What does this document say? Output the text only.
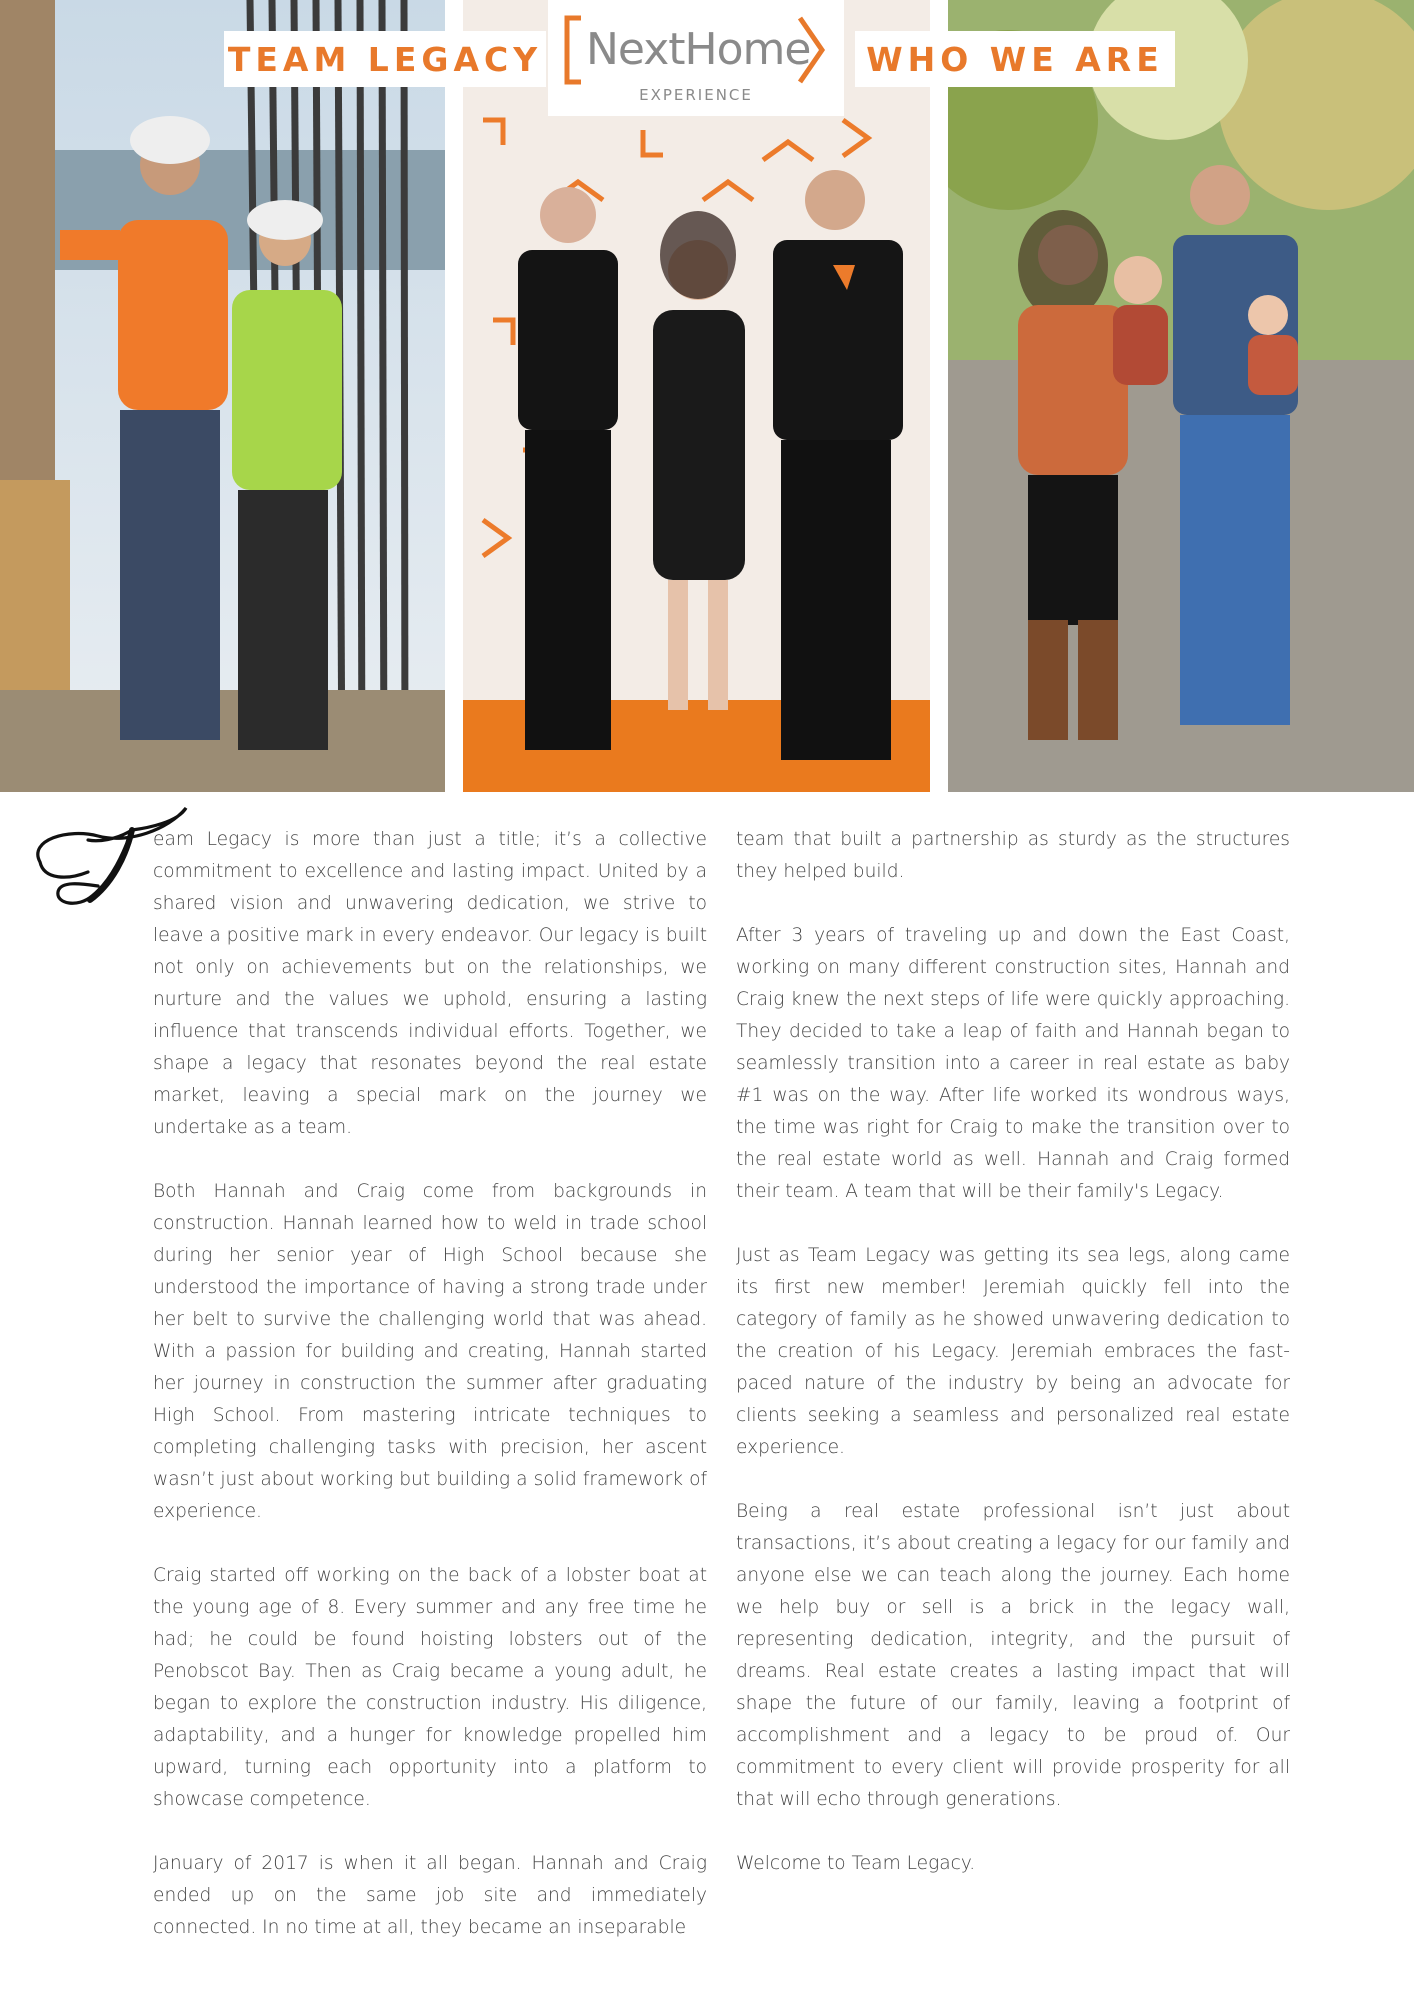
TEAM LEGACY NextHome
EXPERIENCE
WHO WE ARE

eam Legacy is more than just a title; it’s a collective commitment to excellence and lasting impact. United by a shared vision and unwavering dedication, we strive to leave a positive mark in every endeavor. Our legacy is built not only on achievements but on the relationships, we nurture and the values we uphold, ensuring a lasting influence that transcends individual efforts. Together, we shape a legacy that resonates beyond the real estate market, leaving a special mark on the journey we undertake as a team.

Both Hannah and Craig come from backgrounds in construction. Hannah learned how to weld in trade school during her senior year of High School because she understood the importance of having a strong trade under her belt to survive the challenging world that was ahead. With a passion for building and creating, Hannah started her journey in construction the summer after graduating High School. From mastering intricate techniques to completing challenging tasks with precision, her ascent wasn’t just about working but building a solid framework of experience.

Craig started off working on the back of a lobster boat at the young age of 8. Every summer and any free time he had; he could be found hoisting lobsters out of the Penobscot Bay. Then as Craig became a young adult, he began to explore the construction industry. His diligence, adaptability, and a hunger for knowledge propelled him upward, turning each opportunity into a platform to showcase competence.

January of 2017 is when it all began. Hannah and Craig ended up on the same job site and immediately connected. In no time at all, they became an inseparable

team that built a partnership as sturdy as the structures they helped build.

After 3 years of traveling up and down the East Coast, working on many different construction sites, Hannah and Craig knew the next steps of life were quickly approaching. They decided to take a leap of faith and Hannah began to seamlessly transition into a career in real estate as baby #1 was on the way. After life worked its wondrous ways, the time was right for Craig to make the transition over to the real estate world as well. Hannah and Craig formed their team. A team that will be their family's Legacy.

Just as Team Legacy was getting its sea legs, along came its first new member! Jeremiah quickly fell into the category of family as he showed unwavering dedication to the creation of his Legacy. Jeremiah embraces the fast-paced nature of the industry by being an advocate for clients seeking a seamless and personalized real estate experience.

Being a real estate professional isn’t just about transactions, it’s about creating a legacy for our family and anyone else we can teach along the journey. Each home we help buy or sell is a brick in the legacy wall, representing dedication, integrity, and the pursuit of dreams. Real estate creates a lasting impact that will shape the future of our family, leaving a footprint of accomplishment and a legacy to be proud of. Our commitment to every client will provide prosperity for all that will echo through generations.

Welcome to Team Legacy.
